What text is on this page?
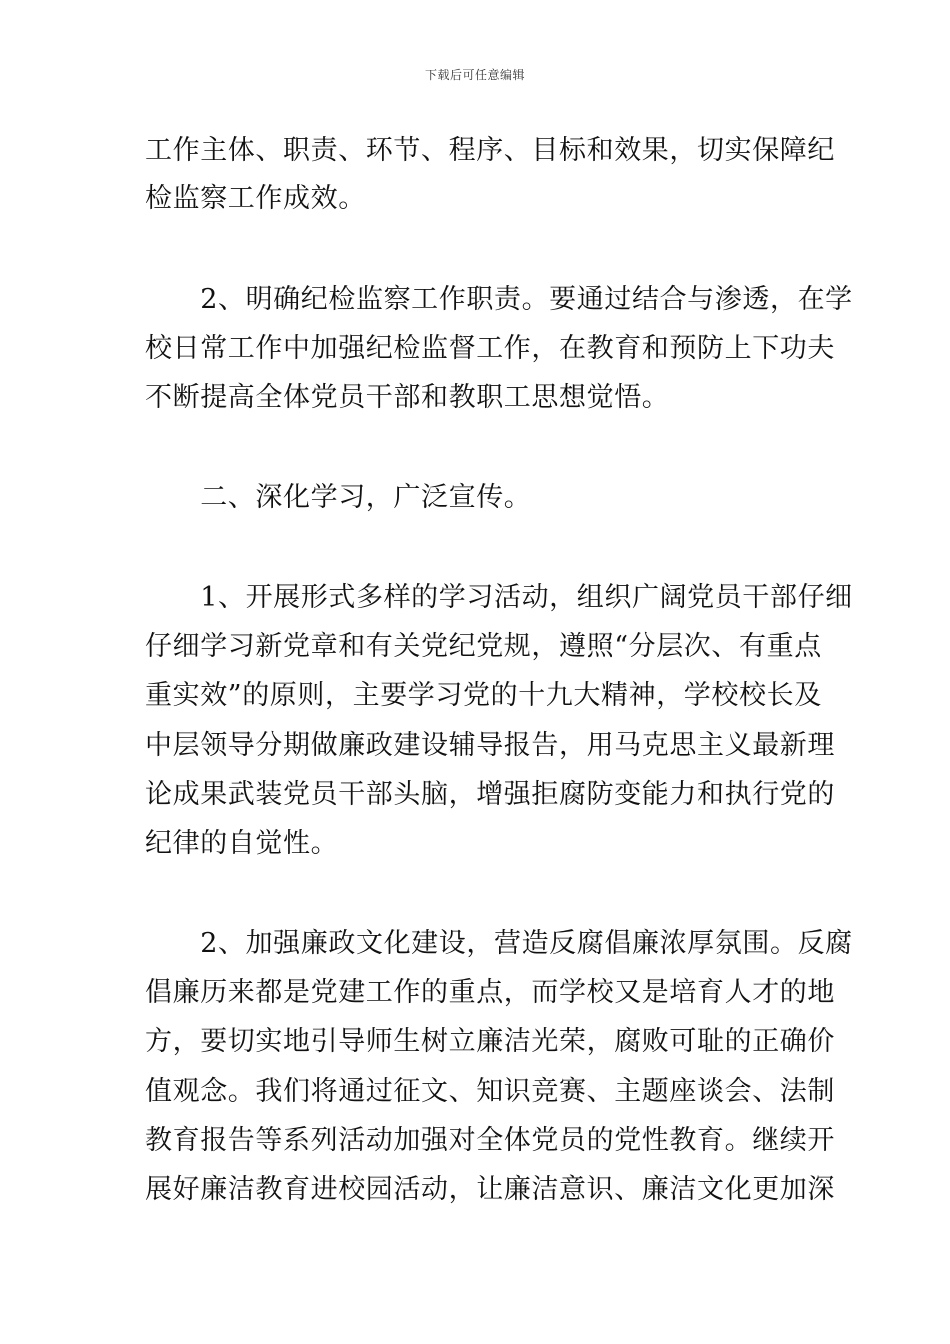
下载后可任意编辑
工作主体、职责、环节、程序、目标和效果，切实保障纪
检监察工作成效。
　　2、明确纪检监察工作职责。要通过结合与渗透，在学
校日常工作中加强纪检监督工作，在教育和预防上下功夫
不断提高全体党员干部和教职工思想觉悟。
　　二、深化学习，广泛宣传。
　　1、开展形式多样的学习活动，组织广阔党员干部仔细
仔细学习新党章和有关党纪党规，遵照“分层次、有重点
重实效”的原则，主要学习党的十九大精神，学校校长及
中层领导分期做廉政建设辅导报告，用马克思主义最新理
论成果武装党员干部头脑，增强拒腐防变能力和执行党的
纪律的自觉性。
　　2、加强廉政文化建设，营造反腐倡廉浓厚氛围。反腐
倡廉历来都是党建工作的重点，而学校又是培育人才的地
方，要切实地引导师生树立廉洁光荣，腐败可耻的正确价
值观念。我们将通过征文、知识竞赛、主题座谈会、法制
教育报告等系列活动加强对全体党员的党性教育。继续开
展好廉洁教育进校园活动，让廉洁意识、廉洁文化更加深
